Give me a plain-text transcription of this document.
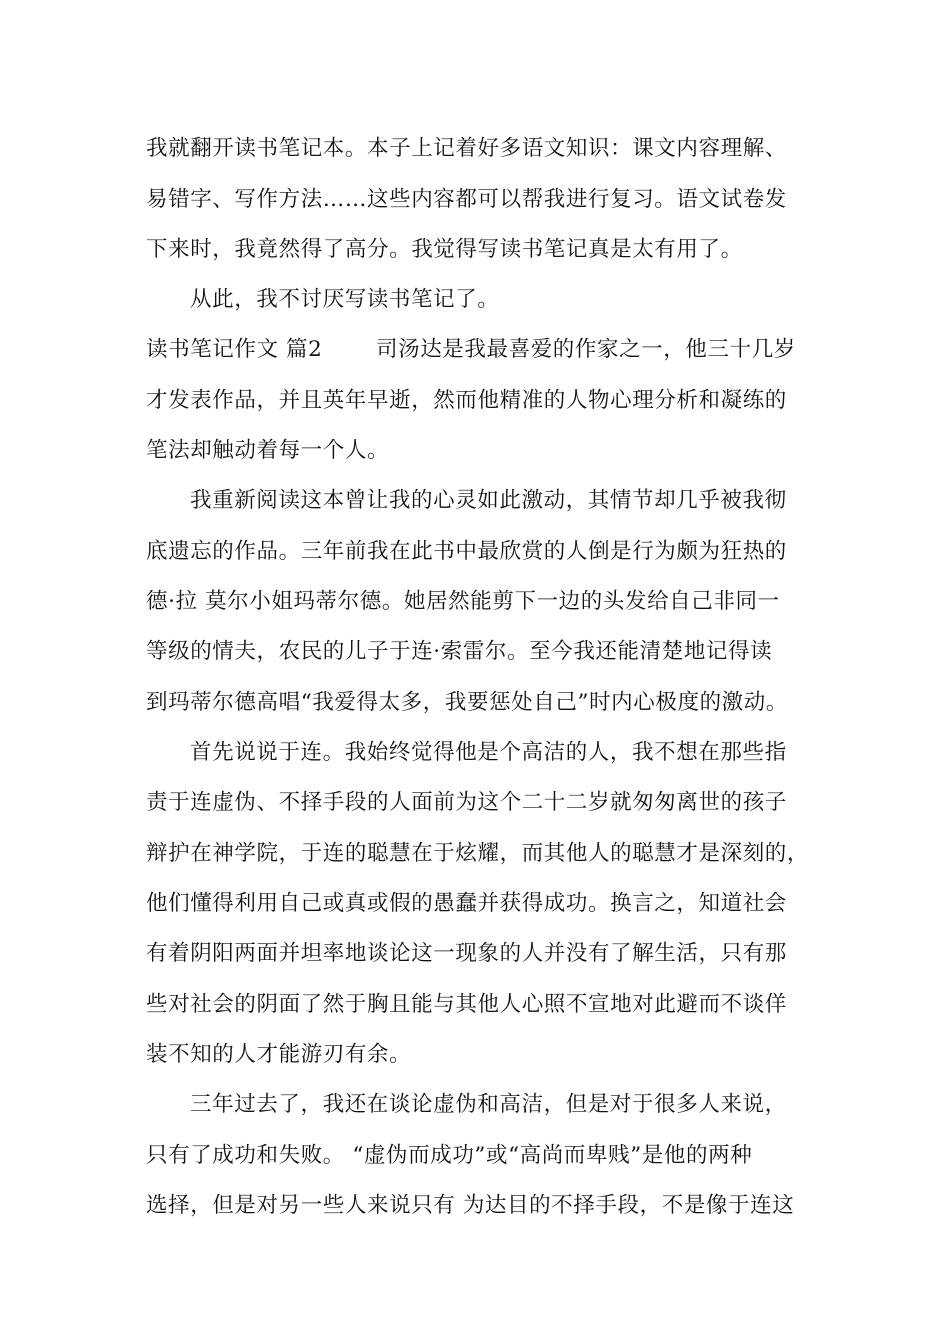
我就翻开读书笔记本。本子上记着好多语文知识：课文内容理解、

易错字、写作方法……这些内容都可以帮我进行复习。语文试卷发

下来时，我竟然得了高分。我觉得写读书笔记真是太有用了。

从此，我不讨厌写读书笔记了。

读书笔记作文 篇2 司汤达是我最喜爱的作家之一，他三十几岁

才发表作品，并且英年早逝，然而他精准的人物心理分析和凝练的

笔法却触动着每一个人。

我重新阅读这本曾让我的心灵如此激动，其情节却几乎被我彻

底遗忘的作品。三年前我在此书中最欣赏的人倒是行为颇为狂热的

德·拉 莫尔小姐玛蒂尔德。她居然能剪下一边的头发给自己非同一

等级的情夫，农民的儿子于连·索雷尔。至今我还能清楚地记得读

到玛蒂尔德高唱“我爱得太多，我要惩处自己”时内心极度的激动。

首先说说于连。我始终觉得他是个高洁的人，我不想在那些指

责于连虚伪、不择手段的人面前为这个二十二岁就匆匆离世的孩子

辩护在神学院，于连的聪慧在于炫耀，而其他人的聪慧才是深刻的，

他们懂得利用自己或真或假的愚蠢并获得成功。换言之，知道社会

有着阴阳两面并坦率地谈论这一现象的人并没有了解生活，只有那

些对社会的阴面了然于胸且能与其他人心照不宣地对此避而不谈佯

装不知的人才能游刃有余。

三年过去了，我还在谈论虚伪和高洁，但是对于很多人来说，

只有了成功和失败。 “虚伪而成功”或“高尚而卑贱”是他的两种

选择，但是对另一些人来说只有 为达目的不择手段，不是像于连这
